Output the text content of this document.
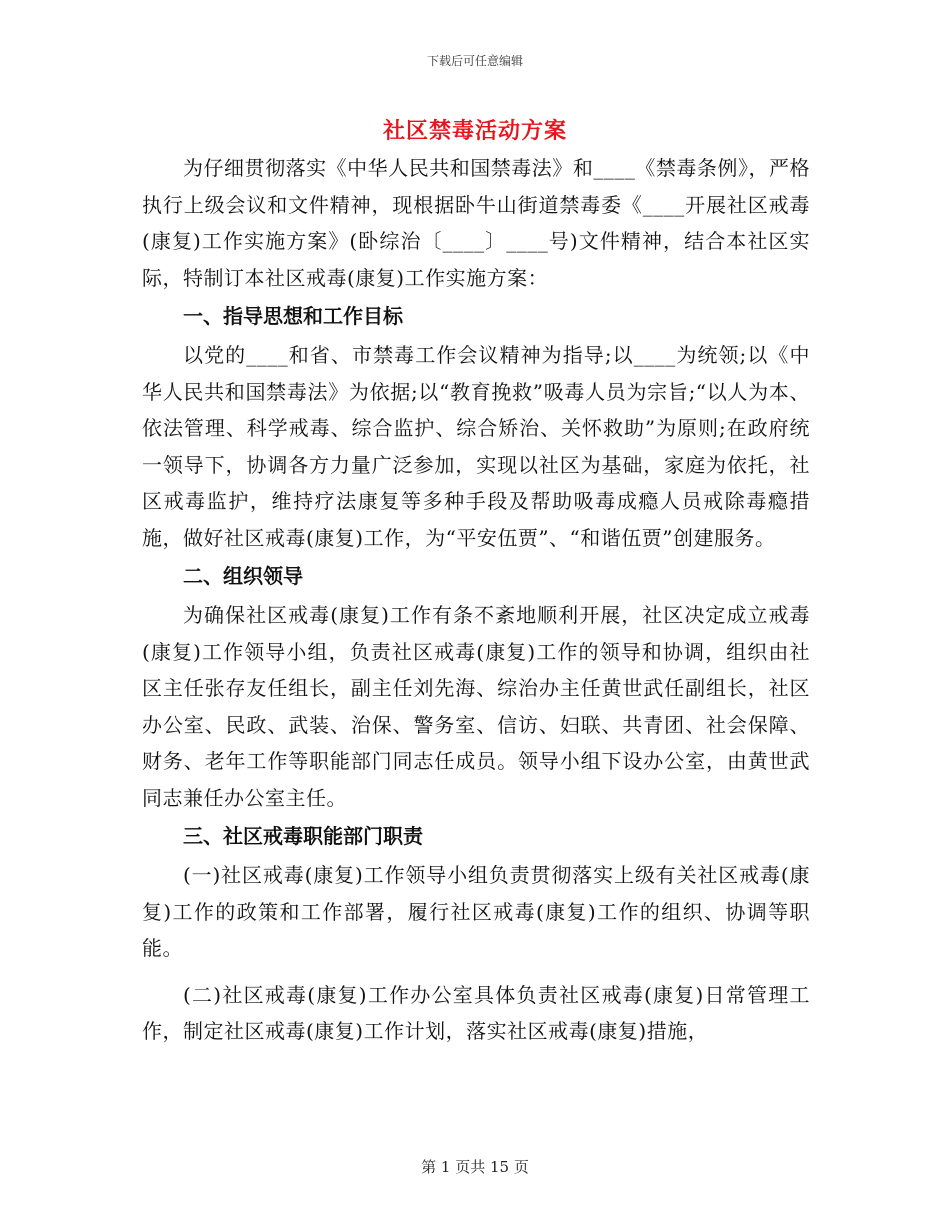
下载后可任意编辑
社区禁毒活动方案

为仔细贯彻落实《中华人民共和国禁毒法》和____《禁毒条例》，严格执行上级会议和文件精神，现根据卧牛山街道禁毒委《____开展社区戒毒(康复)工作实施方案》(卧综治〔____〕____号)文件精神，结合本社区实际，特制订本社区戒毒(康复)工作实施方案：

一、指导思想和工作目标

以党的____和省、市禁毒工作会议精神为指导;以____为统领;以《中华人民共和国禁毒法》为依据;以“教育挽救”吸毒人员为宗旨;“以人为本、依法管理、科学戒毒、综合监护、综合矫治、关怀救助”为原则;在政府统一领导下，协调各方力量广泛参加，实现以社区为基础，家庭为依托，社区戒毒监护，维持疗法康复等多种手段及帮助吸毒成瘾人员戒除毒瘾措施，做好社区戒毒(康复)工作，为“平安伍贾”、“和谐伍贾”创建服务。

二、组织领导

为确保社区戒毒(康复)工作有条不紊地顺利开展，社区决定成立戒毒(康复)工作领导小组，负责社区戒毒(康复)工作的领导和协调，组织由社区主任张存友任组长，副主任刘先海、综治办主任黄世武任副组长，社区办公室、民政、武装、治保、警务室、信访、妇联、共青团、社会保障、财务、老年工作等职能部门同志任成员。领导小组下设办公室，由黄世武同志兼任办公室主任。

三、社区戒毒职能部门职责

(一)社区戒毒(康复)工作领导小组负责贯彻落实上级有关社区戒毒(康复)工作的政策和工作部署，履行社区戒毒(康复)工作的组织、协调等职能。

(二)社区戒毒(康复)工作办公室具体负责社区戒毒(康复)日常管理工作，制定社区戒毒(康复)工作计划，落实社区戒毒(康复)措施，

第 1 页共 15 页
